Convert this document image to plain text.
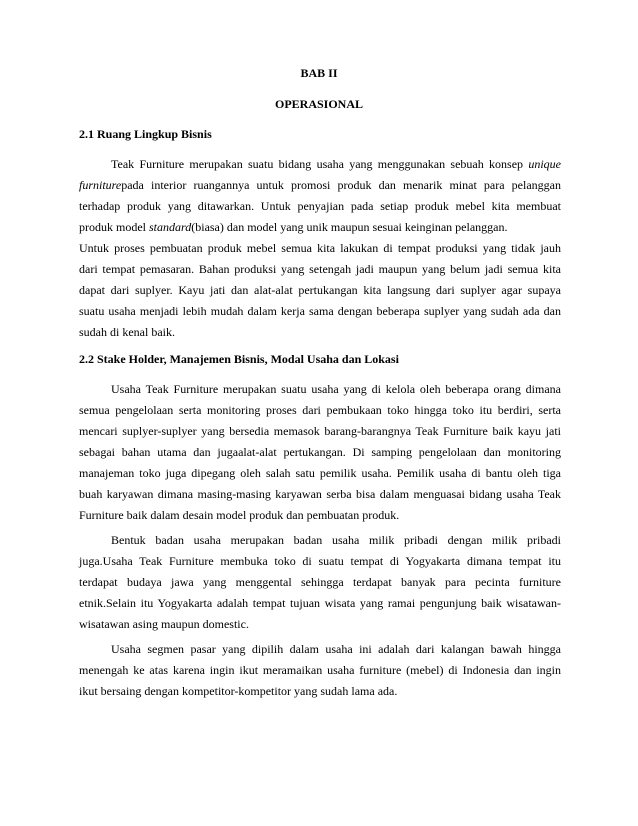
BAB II
OPERASIONAL
2.1 Ruang Lingkup Bisnis
Teak Furniture merupakan suatu bidang usaha yang menggunakan sebuah konsep unique
furniturepada interior ruangannya untuk promosi produk dan menarik minat para pelanggan
terhadap produk yang ditawarkan. Untuk penyajian pada setiap produk mebel kita membuat
produk model standard(biasa) dan model yang unik maupun sesuai keinginan pelanggan.
Untuk proses pembuatan produk mebel semua kita lakukan di tempat produksi yang tidak jauh
dari tempat pemasaran. Bahan produksi yang setengah jadi maupun yang belum jadi semua kita
dapat dari suplyer. Kayu jati dan alat-alat pertukangan kita langsung dari suplyer agar supaya
suatu usaha menjadi lebih mudah dalam kerja sama dengan beberapa suplyer yang sudah ada dan
sudah di kenal baik.
2.2 Stake Holder, Manajemen Bisnis, Modal Usaha dan Lokasi
Usaha Teak Furniture merupakan suatu usaha yang di kelola oleh beberapa orang dimana
semua pengelolaan serta monitoring proses dari pembukaan toko hingga toko itu berdiri, serta
mencari suplyer-suplyer yang bersedia memasok barang-barangnya Teak Furniture baik kayu jati
sebagai bahan utama dan jugaalat-alat pertukangan. Di samping pengelolaan dan monitoring
manajeman toko juga dipegang oleh salah satu pemilik usaha. Pemilik usaha di bantu oleh tiga
buah karyawan dimana masing-masing karyawan serba bisa dalam menguasai bidang usaha Teak
Furniture baik dalam desain model produk dan pembuatan produk.
Bentuk badan usaha merupakan badan usaha milik pribadi dengan milik pribadi
juga.Usaha Teak Furniture membuka toko di suatu tempat di Yogyakarta dimana tempat itu
terdapat budaya jawa yang menggental sehingga terdapat banyak para pecinta furniture
etnik.Selain itu Yogyakarta adalah tempat tujuan wisata yang ramai pengunjung baik wisatawan-
wisatawan asing maupun domestic.
Usaha segmen pasar yang dipilih dalam usaha ini adalah dari kalangan bawah hingga
menengah ke atas karena ingin ikut meramaikan usaha furniture (mebel) di Indonesia dan ingin
ikut bersaing dengan kompetitor-kompetitor yang sudah lama ada.
